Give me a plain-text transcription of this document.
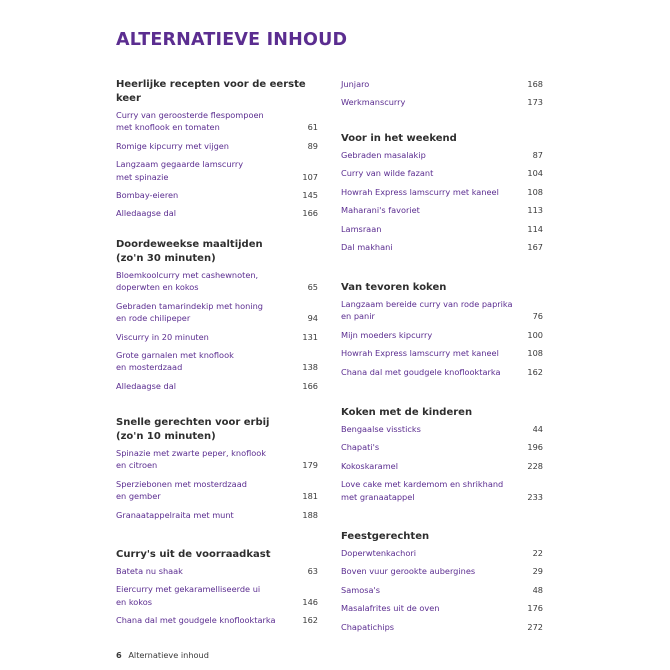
ALTERNATIEVE INHOUD
Heerlijke recepten voor de eerste keer
Curry van geroosterde flespompoen
met knoflook en tomaten	61
Romige kipcurry met vijgen	89
Langzaam gegaarde lamscurry
met spinazie	107
Bombay-eieren	145
Alledaagse dal	166
Doordeweekse maaltijden
(zo'n 30 minuten)
Bloemkoolcurry met cashewnoten,
doperwten en kokos	65
Gebraden tamarindekip met honing
en rode chilipeper	94
Viscurry in 20 minuten	131
Grote garnalen met knoflook
en mosterdzaad	138
Alledaagse dal	166
Snelle gerechten voor erbij
(zo'n 10 minuten)
Spinazie met zwarte peper, knoflook
en citroen	179
Sperziebonen met mosterdzaad
en gember	181
Granaatappelraita met munt	188
Curry's uit de voorraadkast
Bateta nu shaak	63
Eiercurry met gekaramelliseerde ui
en kokos	146
Chana dal met goudgele knoflooktarka	162
Junjaro	168
Werkmanscurry	173
Voor in het weekend
Gebraden masalakip	87
Curry van wilde fazant	104
Howrah Express lamscurry met kaneel	108
Maharani's favoriet	113
Lamsraan	114
Dal makhani	167
Van tevoren koken
Langzaam bereide curry van rode paprika
en panir	76
Mijn moeders kipcurry	100
Howrah Express lamscurry met kaneel	108
Chana dal met goudgele knoflooktarka	162
Koken met de kinderen
Bengaalse vissticks	44
Chapati's	196
Kokoskaramel	228
Love cake met kardemom en shrikhand
met granaatappel	233
Feestgerechten
Doperwtenkachori	22
Boven vuur gerookte aubergines	29
Samosa's	48
Masalafrites uit de oven	176
Chapatichips	272
6 Alternatieve inhoud
